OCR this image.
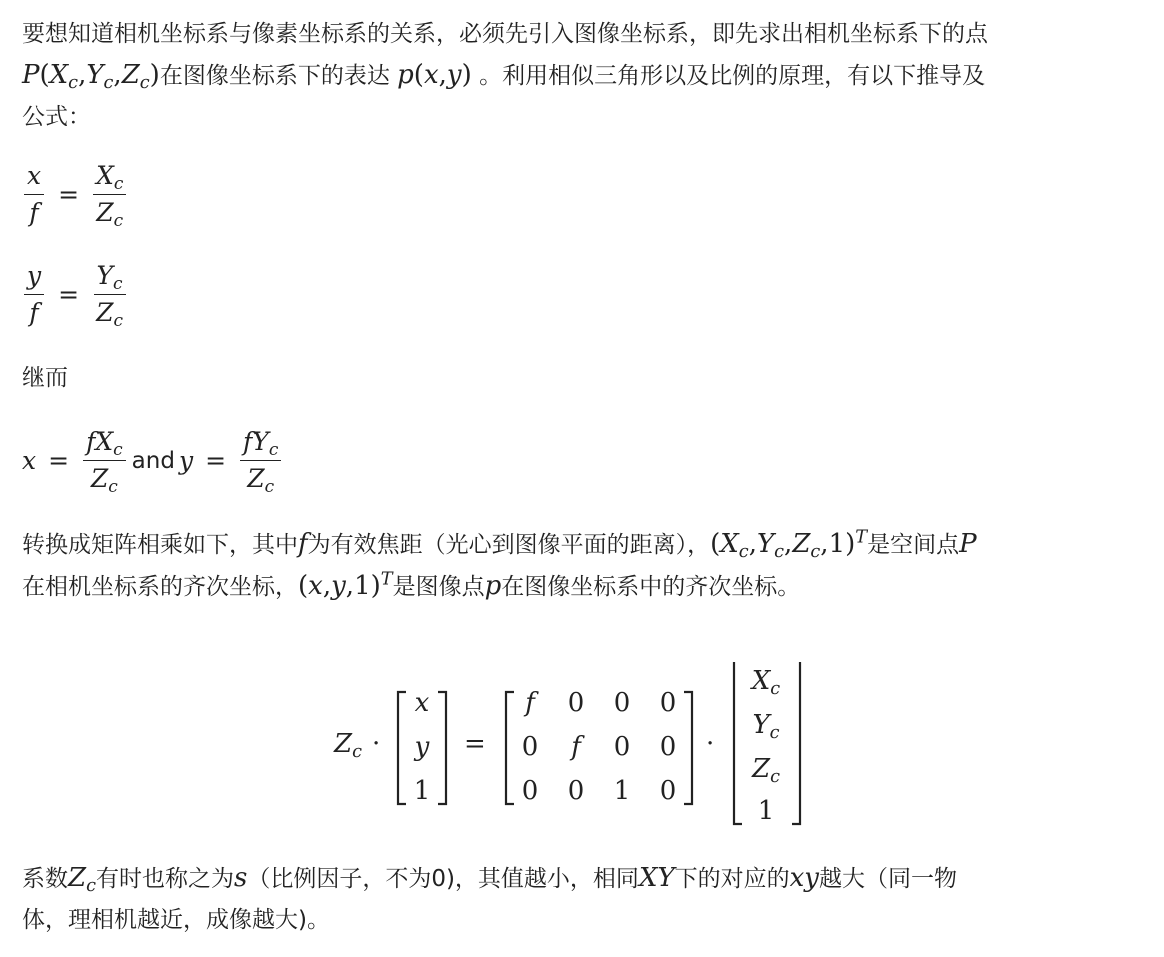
要想知道相机坐标系与像素坐标系的关系，必须先引入图像坐标系，即先求出相机坐标系下的点
$P(X_c,Y_c,Z_c)$在图像坐标系下的表达 p(x,y) 。利用相似三角形以及比例的原理，有以下推导及
公式：

$\frac{x}{f} = \frac{X_c}{Z_c}$
$\frac{y}{f} = \frac{Y_c}{Z_c}$

继而

$x = \frac{fX_c}{Z_c}$ and $y = \frac{fY_c}{Z_c}$

转换成矩阵相乘如下，其中f为有效焦距（光心到图像平面的距离），$(X_c,Y_c,Z_c,1)^T$是空间点P
在相机坐标系的齐次坐标，$(x,y,1)^T$是图像点p在图像坐标系中的齐次坐标。

$Z_c$ ·
x
y
1
=
f	0	0	0
0	f	0	0
0	0	1	0
·
$X_c$
$Y_c$
$Z_c$
1

系数$Z_c$有时也称之为s（比例因子，不为0)，其值越小，相同XY下的对应的xy越大（同一物
体，理相机越近，成像越大)。
